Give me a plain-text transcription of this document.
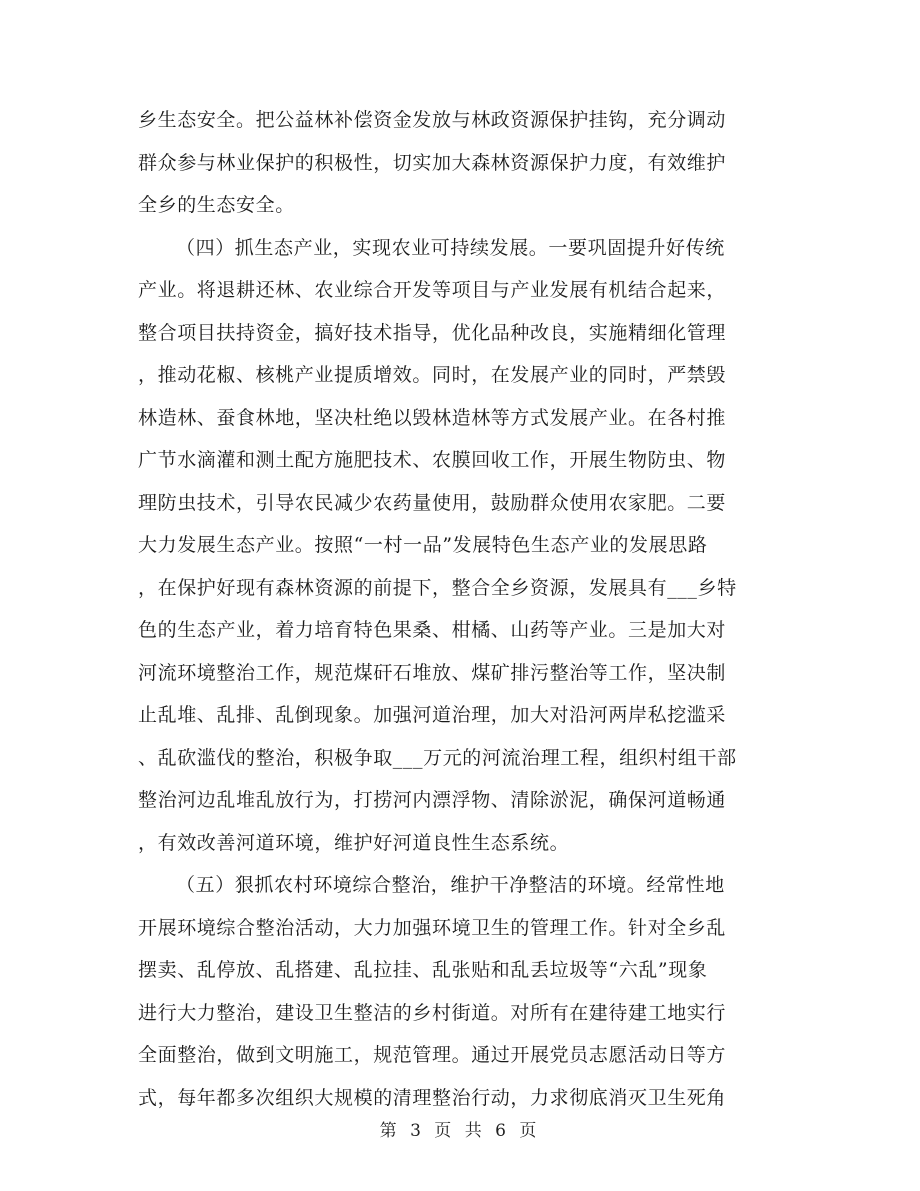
乡生态安全。把公益林补偿资金发放与林政资源保护挂钩，充分调动
群众参与林业保护的积极性，切实加大森林资源保护力度，有效维护
全乡的生态安全。
（四）抓生态产业，实现农业可持续发展。一要巩固提升好传统
产业。将退耕还林、农业综合开发等项目与产业发展有机结合起来，
整合项目扶持资金，搞好技术指导，优化品种改良，实施精细化管理
，推动花椒、核桃产业提质增效。同时，在发展产业的同时，严禁毁
林造林、蚕食林地，坚决杜绝以毁林造林等方式发展产业。在各村推
广节水滴灌和测土配方施肥技术、农膜回收工作，开展生物防虫、物
理防虫技术，引导农民减少农药量使用，鼓励群众使用农家肥。二要
大力发展生态产业。按照“一村一品”发展特色生态产业的发展思路
，在保护好现有森林资源的前提下，整合全乡资源，发展具有___乡特
色的生态产业，着力培育特色果桑、柑橘、山药等产业。三是加大对
河流环境整治工作，规范煤矸石堆放、煤矿排污整治等工作，坚决制
止乱堆、乱排、乱倒现象。加强河道治理，加大对沿河两岸私挖滥采
、乱砍滥伐的整治，积极争取___万元的河流治理工程，组织村组干部
整治河边乱堆乱放行为，打捞河内漂浮物、清除淤泥，确保河道畅通
，有效改善河道环境，维护好河道良性生态系统。
（五）狠抓农村环境综合整治，维护干净整洁的环境。经常性地
开展环境综合整治活动，大力加强环境卫生的管理工作。针对全乡乱
摆卖、乱停放、乱搭建、乱拉挂、乱张贴和乱丢垃圾等“六乱”现象
进行大力整治，建设卫生整洁的乡村街道。对所有在建待建工地实行
全面整治，做到文明施工，规范管理。通过开展党员志愿活动日等方
式，每年都多次组织大规模的清理整治行动，力求彻底消灭卫生死角
第 3 页 共 6 页
